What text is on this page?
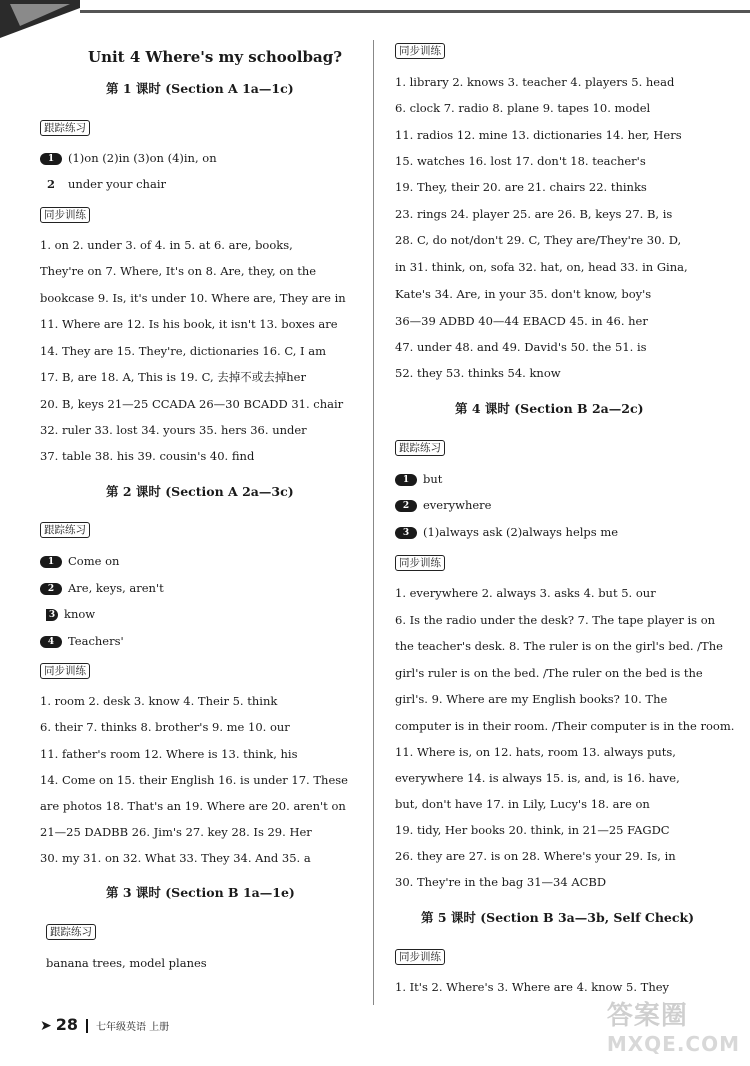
Unit 4 Where's my schoolbag?
第 1 课时 (Section A 1a—1c)
跟踪练习
1 (1)on (2)in (3)on (4)in, on
2 under your chair
同步训练
1. on 2. under 3. of 4. in 5. at 6. are, books,
They're on 7. Where, It's on 8. Are, they, on the
bookcase 9. Is, it's under 10. Where are, They are in
11. Where are 12. Is his book, it isn't 13. boxes are
14. They are 15. They're, dictionaries 16. C, I am
17. B, are 18. A, This is 19. C, 去掉不或去掉her
20. B, keys 21—25 CCADA 26—30 BCADD 31. chair
32. ruler 33. lost 34. yours 35. hers 36. under
37. table 38. his 39. cousin's 40. find
第 2 课时 (Section A 2a—3c)
跟踪练习
1 Come on
2 Are, keys, aren't
3 know
4 Teachers'
同步训练
1. room 2. desk 3. know 4. Their 5. think
6. their 7. thinks 8. brother's 9. me 10. our
11. father's room 12. Where is 13. think, his
14. Come on 15. their English 16. is under 17. These
are photos 18. That's an 19. Where are 20. aren't on
21—25 DADBB 26. Jim's 27. key 28. Is 29. Her
30. my 31. on 32. What 33. They 34. And 35. a
第 3 课时 (Section B 1a—1e)
跟踪练习
banana trees, model planes
同步训练
1. library 2. knows 3. teacher 4. players 5. head
6. clock 7. radio 8. plane 9. tapes 10. model
11. radios 12. mine 13. dictionaries 14. her, Hers
15. watches 16. lost 17. don't 18. teacher's
19. They, their 20. are 21. chairs 22. thinks
23. rings 24. player 25. are 26. B, keys 27. B, is
28. C, do not/don't 29. C, They are/They're 30. D,
in 31. think, on, sofa 32. hat, on, head 33. in Gina,
Kate's 34. Are, in your 35. don't know, boy's
36—39 ADBD 40—44 EBACD 45. in 46. her
47. under 48. and 49. David's 50. the 51. is
52. they 53. thinks 54. know
第 4 课时 (Section B 2a—2c)
跟踪练习
1 but
2 everywhere
3 (1)always ask (2)always helps me
同步训练
1. everywhere 2. always 3. asks 4. but 5. our
6. Is the radio under the desk? 7. The tape player is on
the teacher's desk. 8. The ruler is on the girl's bed. /The
girl's ruler is on the bed. /The ruler on the bed is the
girl's. 9. Where are my English books? 10. The
computer is in their room. /Their computer is in the room.
11. Where is, on 12. hats, room 13. always puts,
everywhere 14. is always 15. is, and, is 16. have,
but, don't have 17. in Lily, Lucy's 18. are on
19. tidy, Her books 20. think, in 21—25 FAGDC
26. they are 27. is on 28. Where's your 29. Is, in
30. They're in the bag 31—34 ACBD
第 5 课时 (Section B 3a—3b, Self Check)
同步训练
1. It's 2. Where's 3. Where are 4. know 5. They
➤ 28 七年级英语 上册	答案圈
MXQE.COM
